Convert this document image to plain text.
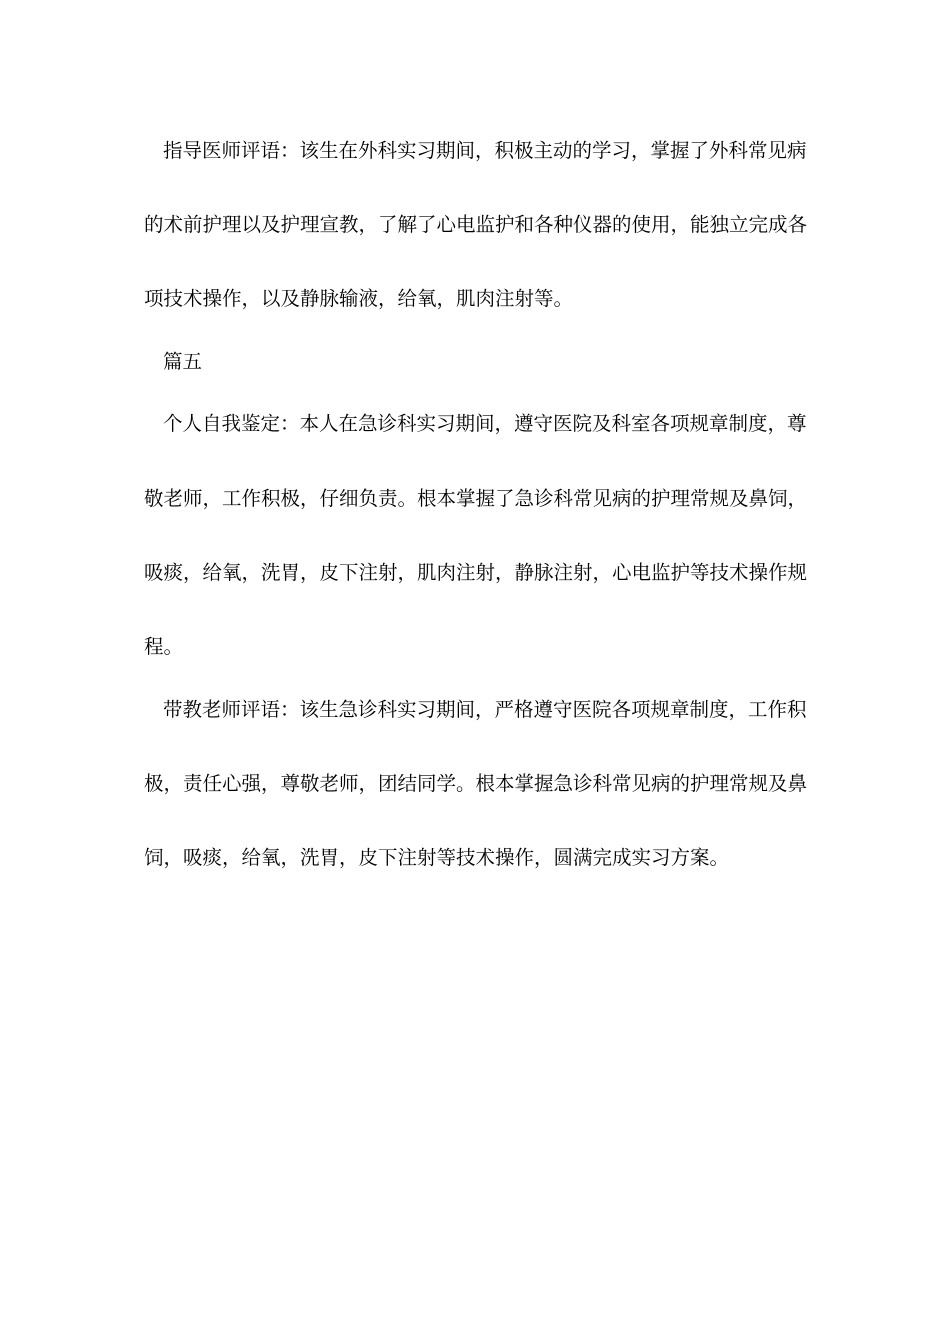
指导医师评语：该生在外科实习期间，积极主动的学习，掌握了外科常见病
的术前护理以及护理宣教，了解了心电监护和各种仪器的使用，能独立完成各
项技术操作，以及静脉输液，给氧，肌肉注射等。
篇五
个人自我鉴定：本人在急诊科实习期间，遵守医院及科室各项规章制度，尊
敬老师，工作积极，仔细负责。根本掌握了急诊科常见病的护理常规及鼻饲，
吸痰，给氧，洗胃，皮下注射，肌肉注射，静脉注射，心电监护等技术操作规
程。
带教老师评语：该生急诊科实习期间，严格遵守医院各项规章制度，工作积
极，责任心强，尊敬老师，团结同学。根本掌握急诊科常见病的护理常规及鼻
饲，吸痰，给氧，洗胃，皮下注射等技术操作，圆满完成实习方案。
